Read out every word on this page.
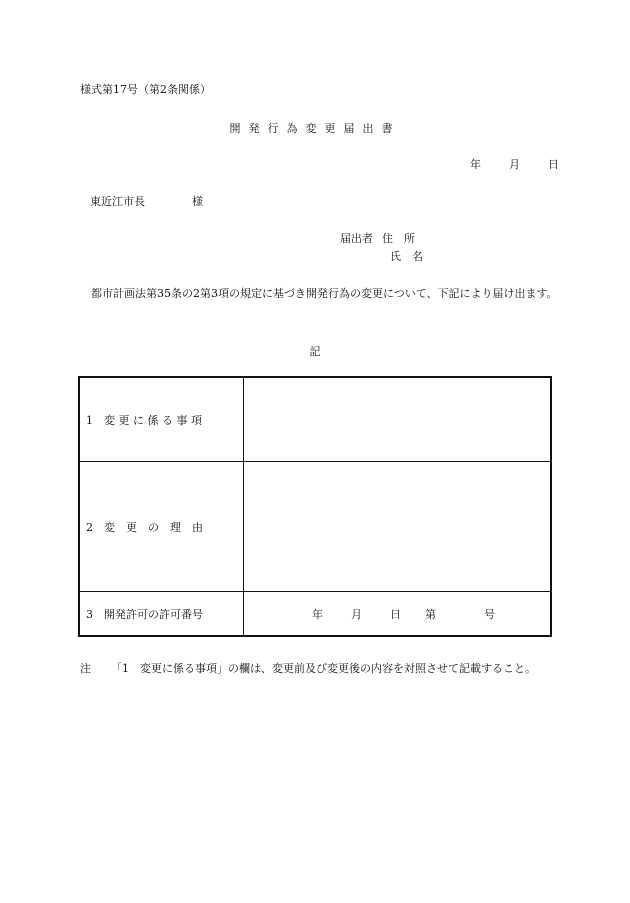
様式第17号（第2条関係）
開発行為変更届出書
年	月	日
東近江市長	様
届出者 住　所
氏　名
都市計画法第35条の2第3項の規定に基づき開発行為の変更について、下記により届け出ます。
記
1　変 更 に 係 る 事 項
2　変　更　の　理　由
3　開発許可の許可番号	年	月	日 第	号
注 「1　変更に係る事項」の欄は、変更前及び変更後の内容を対照させて記載すること。
